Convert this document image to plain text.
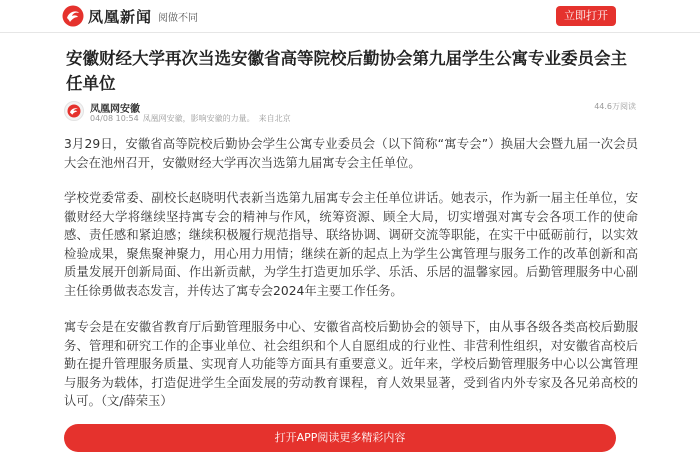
凤凰新闻 阅做不同	立即打开
安徽财经大学再次当选安徽省高等院校后勤协会第九届学生公寓专业委员会主任单位
凤凰网安徽
04/08 10:54 凤凰网安徽，影响安徽的力量。 来自北京
44.6万阅读

3月29日，安徽省高等院校后勤协会学生公寓专业委员会（以下简称“寓专会”）换届大会暨九届一次会员大会在池州召开，安徽财经大学再次当选第九届寓专会主任单位。

学校党委常委、副校长赵晓明代表新当选第九届寓专会主任单位讲话。她表示，作为新一届主任单位，安徽财经大学将继续坚持寓专会的精神与作风，统筹资源、顾全大局，切实增强对寓专会各项工作的使命感、责任感和紧迫感；继续积极履行规范指导、联络协调、调研交流等职能，在实干中砥砺前行，以实效检验成果，聚焦聚神聚力，用心用力用情；继续在新的起点上为学生公寓管理与服务工作的改革创新和高质量发展开创新局面、作出新贡献，为学生打造更加乐学、乐活、乐居的温馨家园。后勤管理服务中心副主任徐勇做表态发言，并传达了寓专会2024年主要工作任务。

寓专会是在安徽省教育厅后勤管理服务中心、安徽省高校后勤协会的领导下，由从事各级各类高校后勤服务、管理和研究工作的企事业单位、社会组织和个人自愿组成的行业性、非营利性组织，对安徽省高校后勤在提升管理服务质量、实现育人功能等方面具有重要意义。近年来，学校后勤管理服务中心以公寓管理与服务为载体，打造促进学生全面发展的劳动教育课程，育人效果显著，受到省内外专家及各兄弟高校的认可。（文/薛荣玉）

打开APP阅读更多精彩内容
